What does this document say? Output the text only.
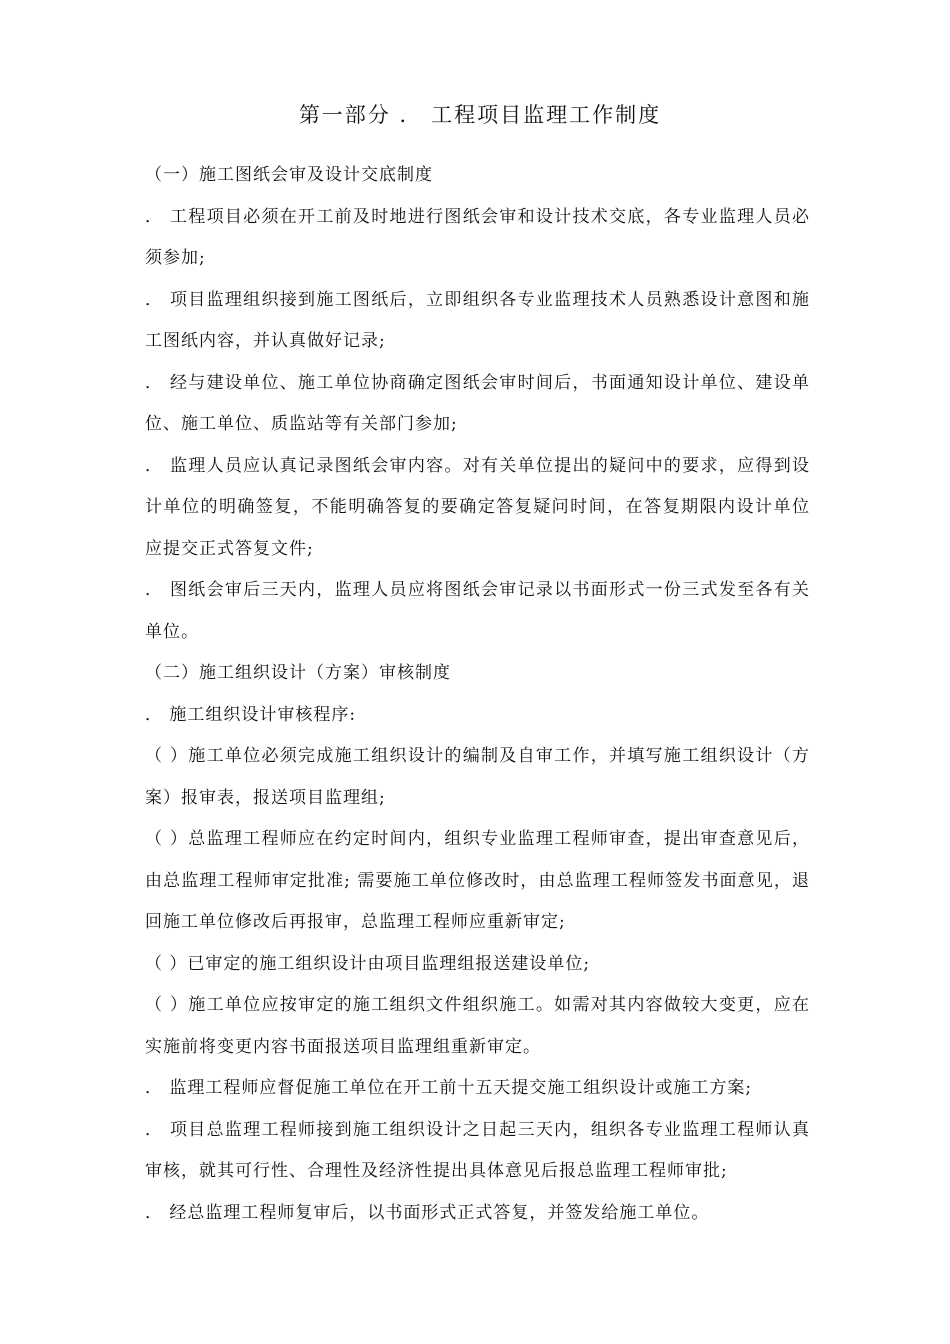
第一部分 ． 工程项目监理工作制度

（一）施工图纸会审及设计交底制度

． 工程项目必须在开工前及时地进行图纸会审和设计技术交底，各专业监理人员必须参加;

． 项目监理组织接到施工图纸后，立即组织各专业监理技术人员熟悉设计意图和施工图纸内容，并认真做好记录;

． 经与建设单位、施工单位协商确定图纸会审时间后，书面通知设计单位、建设单位、施工单位、质监站等有关部门参加;

． 监理人员应认真记录图纸会审内容。对有关单位提出的疑问中的要求，应得到设计单位的明确签复，不能明确答复的要确定答复疑问时间，在答复期限内设计单位应提交正式答复文件;

． 图纸会审后三天内，监理人员应将图纸会审记录以书面形式一份三式发至各有关单位。

（二）施工组织设计（方案）审核制度

． 施工组织设计审核程序:

（ ）施工单位必须完成施工组织设计的编制及自审工作，并填写施工组织设计（方案）报审表，报送项目监理组;

（ ）总监理工程师应在约定时间内，组织专业监理工程师审查，提出审查意见后，由总监理工程师审定批准; 需要施工单位修改时，由总监理工程师签发书面意见，退回施工单位修改后再报审，总监理工程师应重新审定;

（ ）已审定的施工组织设计由项目监理组报送建设单位;

（ ）施工单位应按审定的施工组织文件组织施工。如需对其内容做较大变更，应在实施前将变更内容书面报送项目监理组重新审定。

． 监理工程师应督促施工单位在开工前十五天提交施工组织设计或施工方案;

． 项目总监理工程师接到施工组织设计之日起三天内，组织各专业监理工程师认真审核，就其可行性、合理性及经济性提出具体意见后报总监理工程师审批;

． 经总监理工程师复审后，以书面形式正式答复，并签发给施工单位。
